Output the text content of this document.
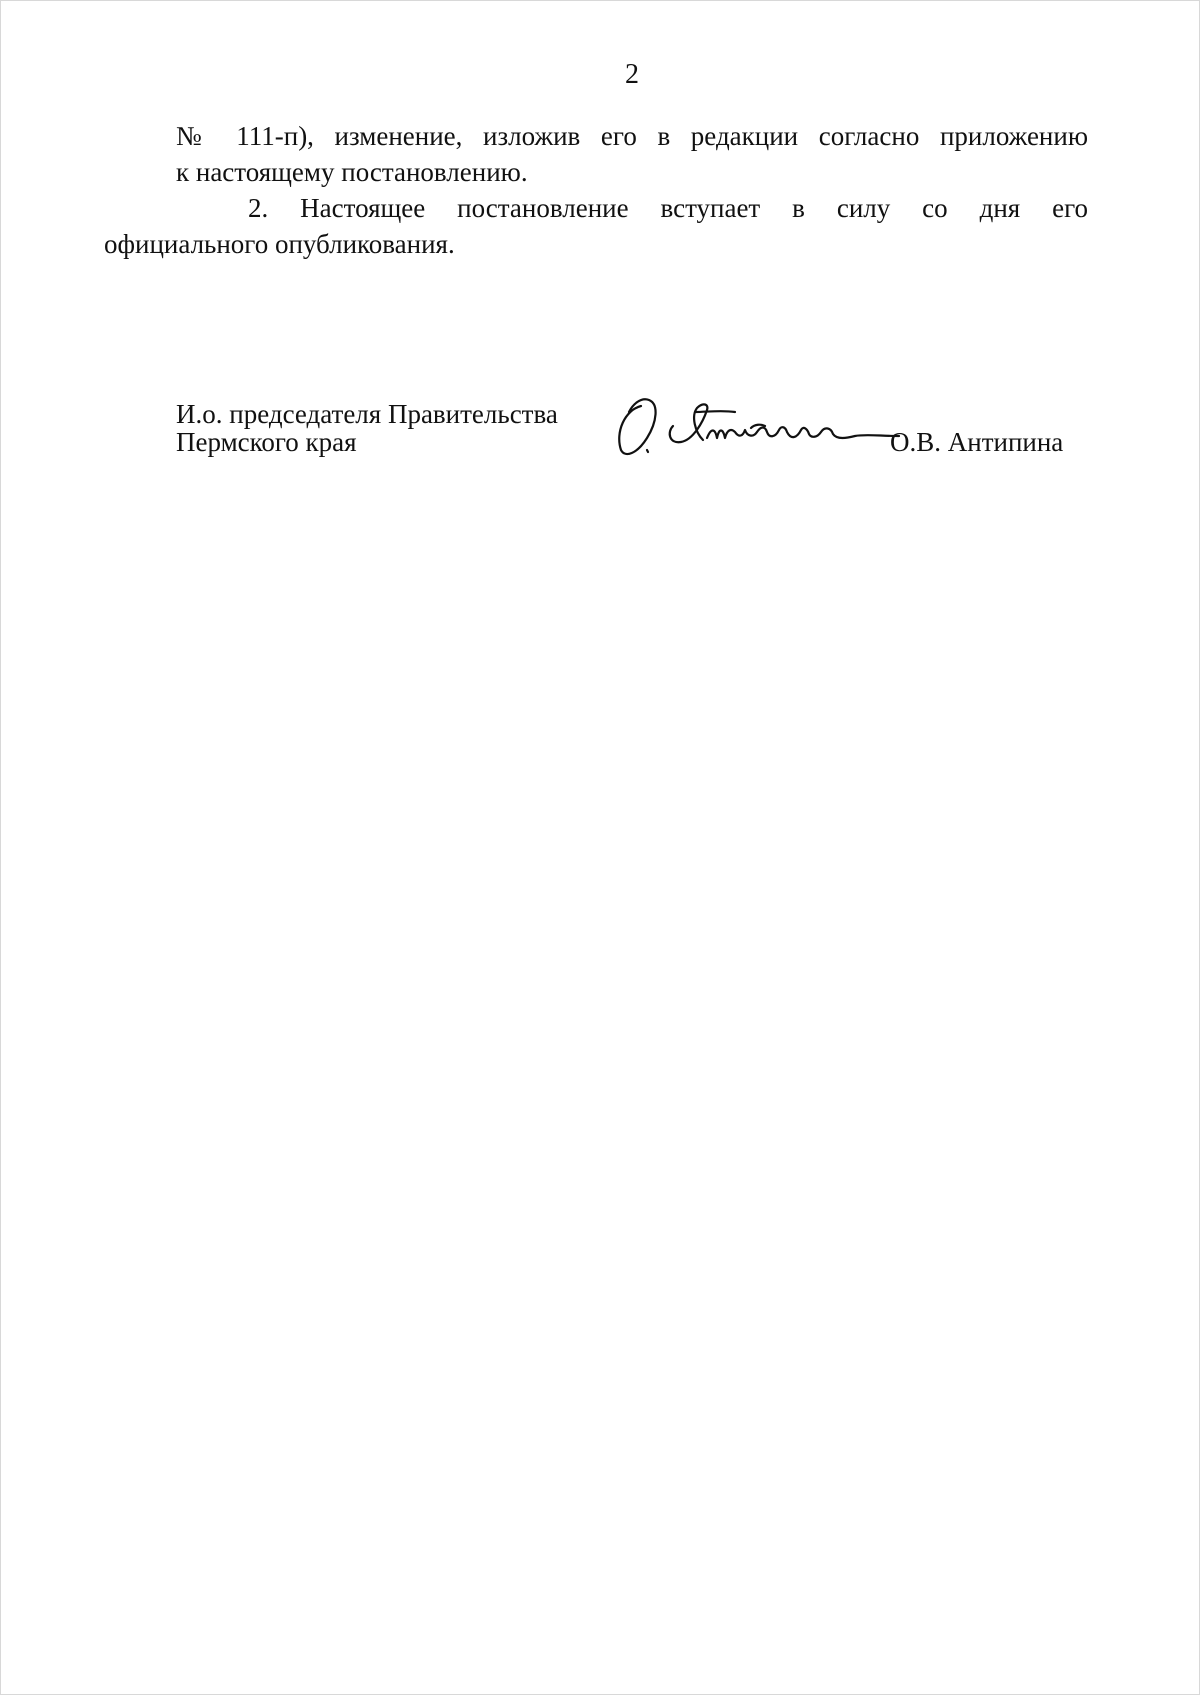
2

№ 111-п), изменение, изложив его в редакции согласно приложению
к настоящему постановлению.

2. Настоящее постановление вступает в силу со дня его
официального опубликования.

И.о. председателя Правительства
Пермского края	О.В. Антипина
